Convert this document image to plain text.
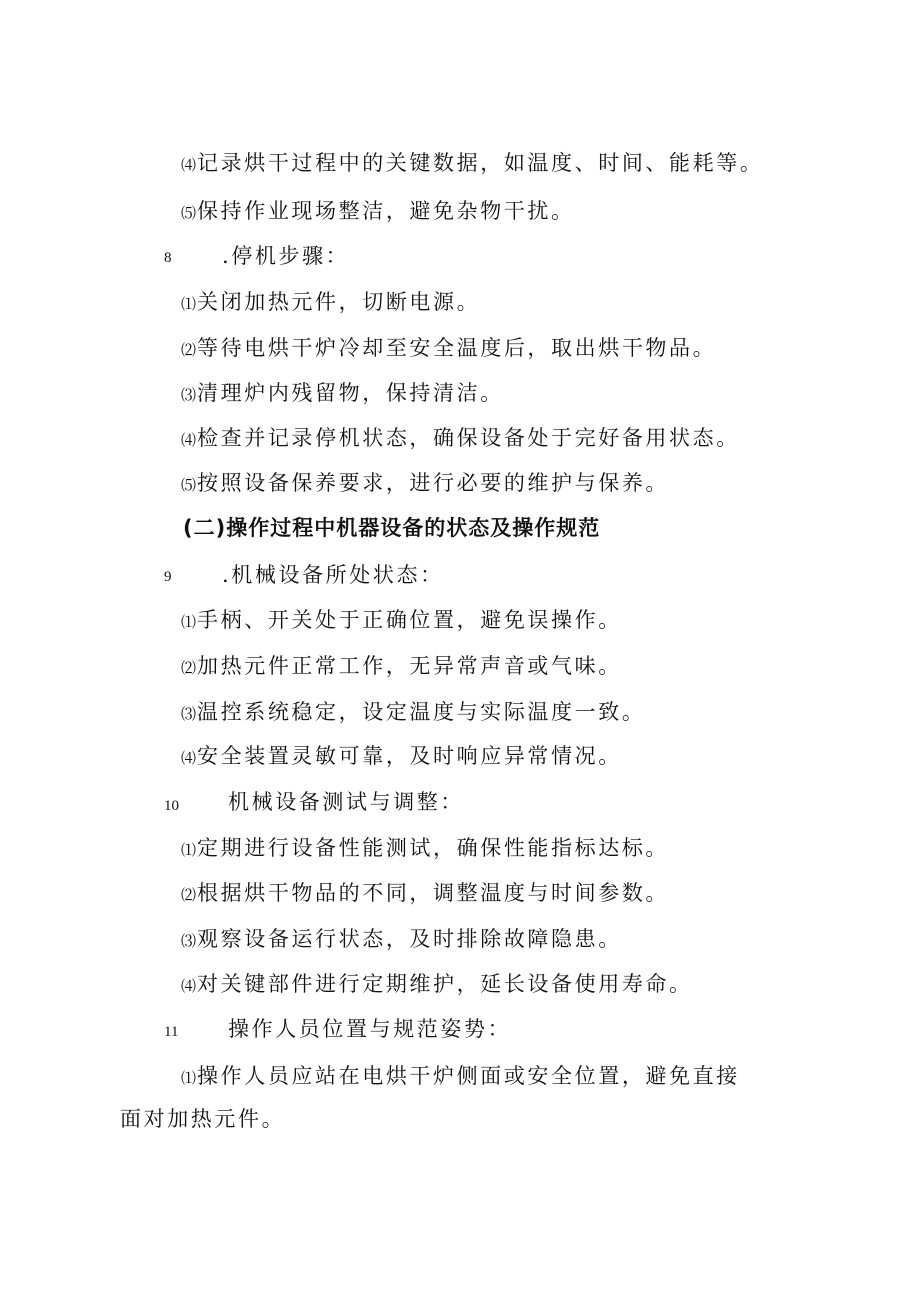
⑷记录烘干过程中的关键数据，如温度、时间、能耗等。
⑸保持作业现场整洁，避免杂物干扰。
8 .停机步骤：
⑴关闭加热元件，切断电源。
⑵等待电烘干炉冷却至安全温度后，取出烘干物品。
⑶清理炉内残留物，保持清洁。
⑷检查并记录停机状态，确保设备处于完好备用状态。
⑸按照设备保养要求，进行必要的维护与保养。
(二)操作过程中机器设备的状态及操作规范
9 .机械设备所处状态：
⑴手柄、开关处于正确位置，避免误操作。
⑵加热元件正常工作，无异常声音或气味。
⑶温控系统稳定，设定温度与实际温度一致。
⑷安全装置灵敏可靠，及时响应异常情况。
10 机械设备测试与调整：
⑴定期进行设备性能测试，确保性能指标达标。
⑵根据烘干物品的不同，调整温度与时间参数。
⑶观察设备运行状态，及时排除故障隐患。
⑷对关键部件进行定期维护，延长设备使用寿命。
11 操作人员位置与规范姿势：
⑴操作人员应站在电烘干炉侧面或安全位置，避免直接
面对加热元件。
